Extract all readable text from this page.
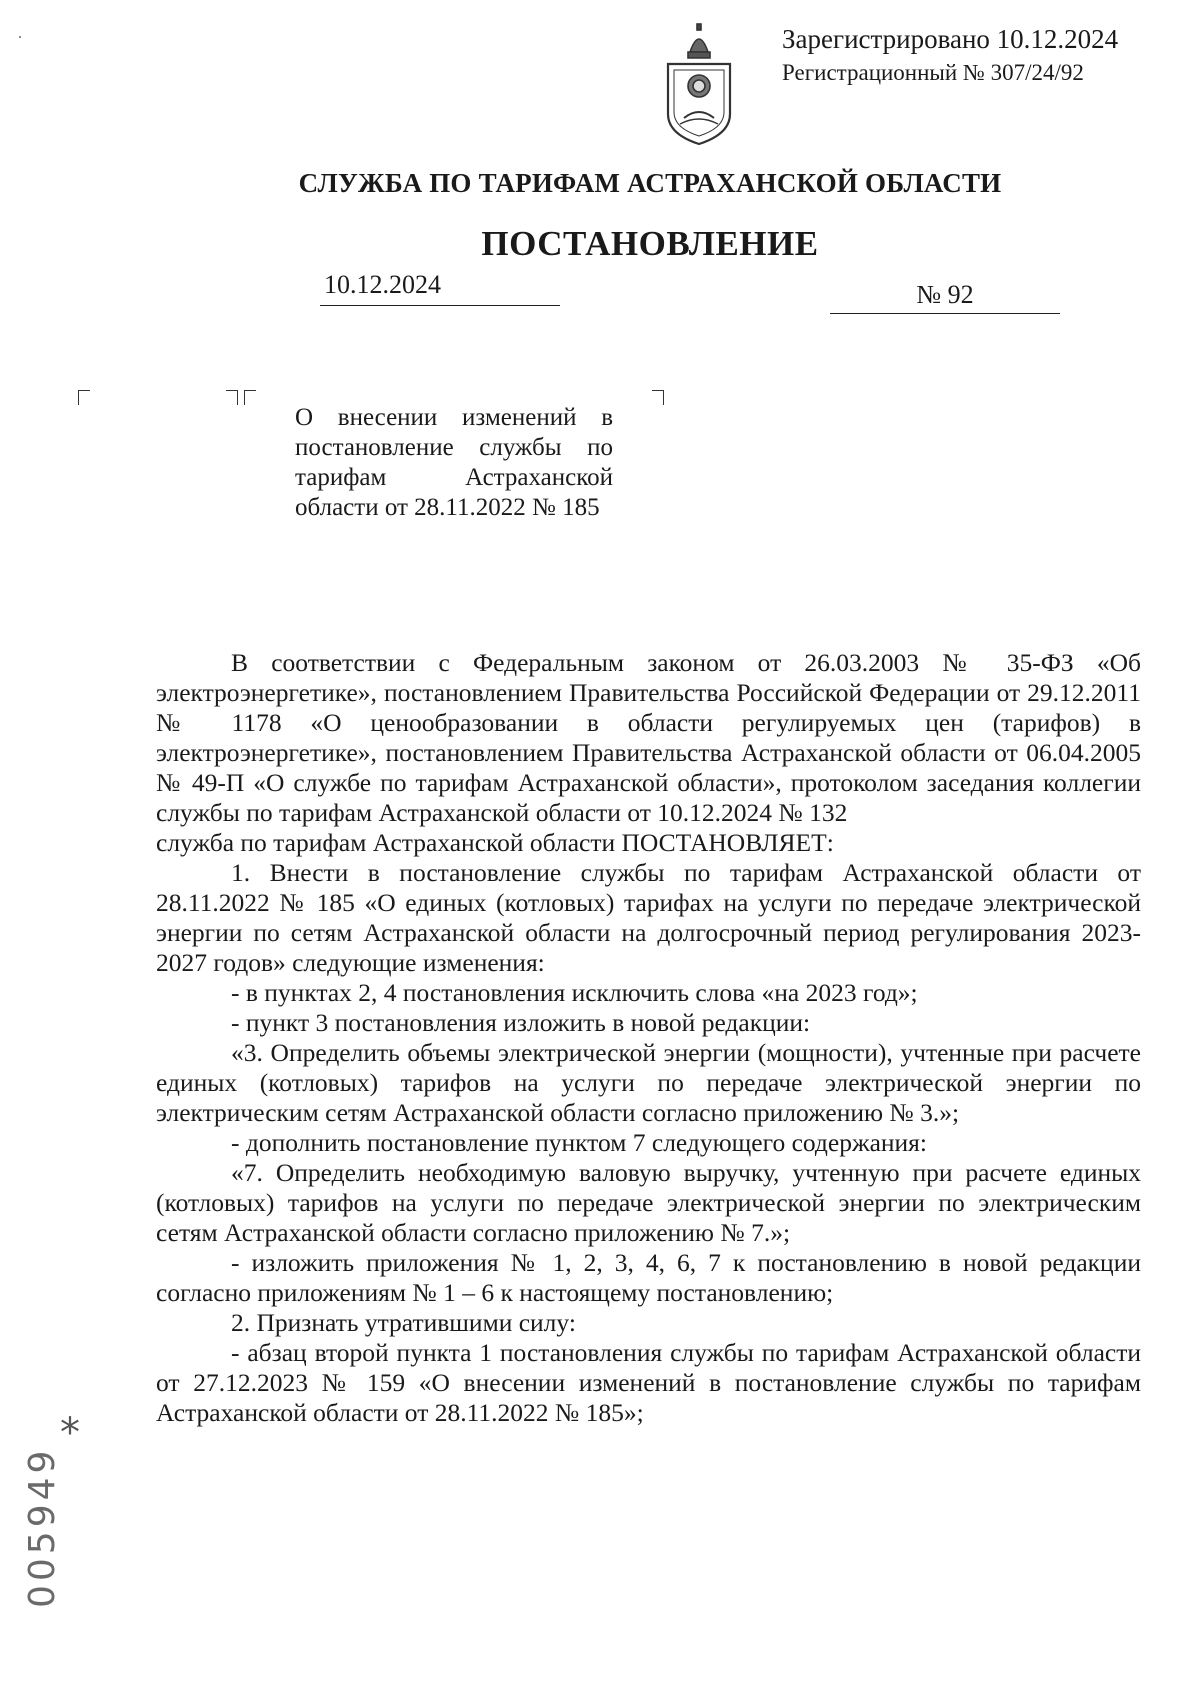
Зарегистрировано 10.12.2024
Регистрационный № 307/24/92
СЛУЖБА ПО ТАРИФАМ АСТРАХАНСКОЙ ОБЛАСТИ
ПОСТАНОВЛЕНИЕ
10.12.2024	№ 92
О внесении изменений в постановление службы по тарифам Астраханской области от 28.11.2022 № 185

В соответствии с Федеральным законом от 26.03.2003 № 35-ФЗ «Об электроэнергетике», постановлением Правительства Российской Федерации от 29.12.2011 № 1178 «О ценообразовании в области регулируемых цен (тарифов) в электроэнергетике», постановлением Правительства Астраханской области от 06.04.2005 № 49-П «О службе по тарифам Астраханской области», протоколом заседания коллегии службы по тарифам Астраханской области от 10.12.2024 № 132

служба по тарифам Астраханской области ПОСТАНОВЛЯЕТ:

1. Внести в постановление службы по тарифам Астраханской области от 28.11.2022 № 185 «О единых (котловых) тарифах на услуги по передаче электрической энергии по сетям Астраханской области на долгосрочный период регулирования 2023-2027 годов» следующие изменения:

- в пунктах 2, 4 постановления исключить слова «на 2023 год»;

- пункт 3 постановления изложить в новой редакции:

«3. Определить объемы электрической энергии (мощности), учтенные при расчете единых (котловых) тарифов на услуги по передаче электрической энергии по электрическим сетям Астраханской области согласно приложению № 3.»;

- дополнить постановление пунктом 7 следующего содержания:

«7. Определить необходимую валовую выручку, учтенную при расчете единых (котловых) тарифов на услуги по передаче электрической энергии по электрическим сетям Астраханской области согласно приложению № 7.»;

- изложить приложения № 1, 2, 3, 4, 6, 7 к постановлению в новой редакции согласно приложениям № 1 – 6 к настоящему постановлению;

2. Признать утратившими силу:

- абзац второй пункта 1 постановления службы по тарифам Астраханской области от 27.12.2023 № 159 «О внесении изменений в постановление службы по тарифам Астраханской области от 28.11.2022 № 185»;

*
005949
